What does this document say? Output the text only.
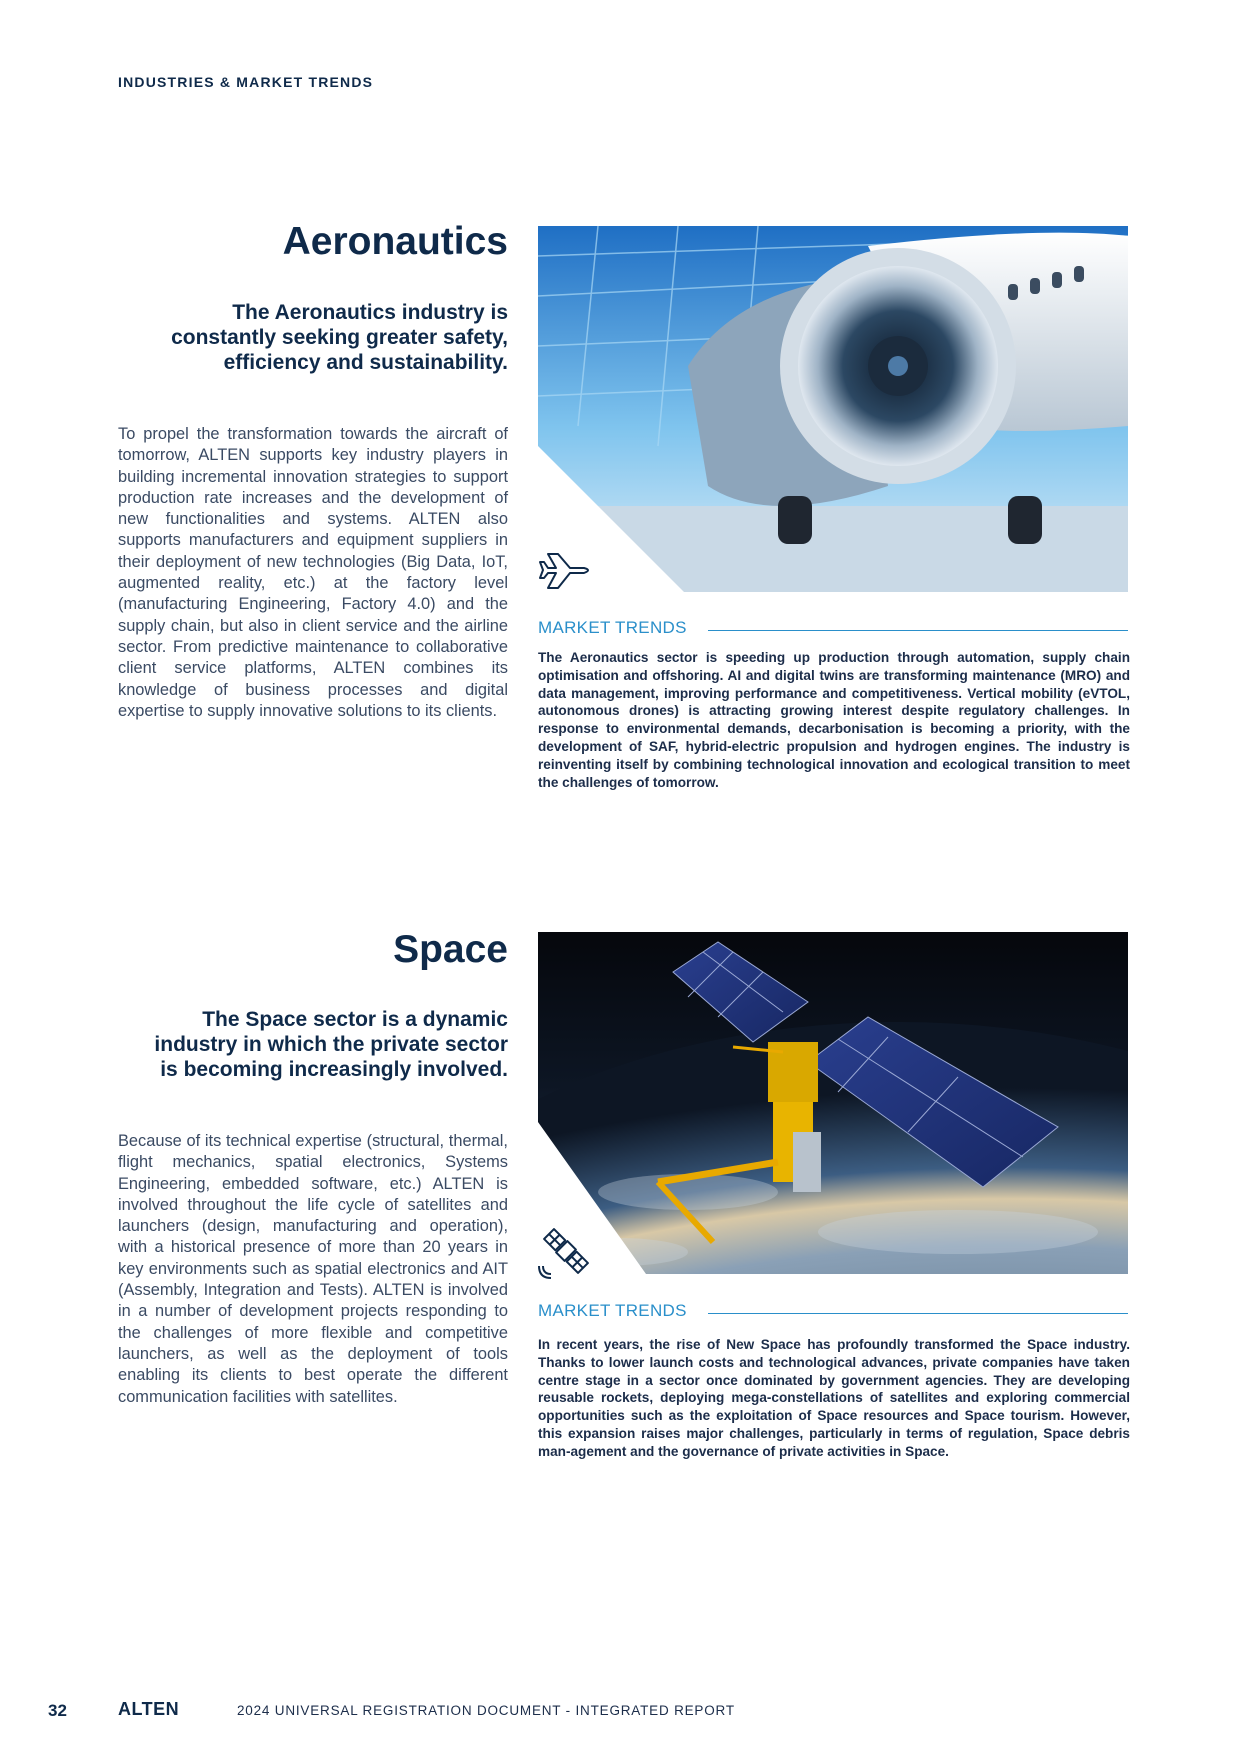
INDUSTRIES & MARKET TRENDS
Aeronautics
The Aeronautics industry is constantly seeking greater safety, efficiency and sustainability.
To propel the transformation towards the aircraft of tomorrow, ALTEN supports key industry players in building incremental innovation strategies to support production rate increases and the development of new functionalities and systems. ALTEN also supports manufacturers and equipment suppliers in their deployment of new technologies (Big Data, IoT, augmented reality, etc.) at the factory level (manufacturing Engineering, Factory 4.0) and the supply chain, but also in client service and the airline sector. From predictive maintenance to collaborative client service platforms, ALTEN combines its knowledge of business processes and digital expertise to supply innovative solutions to its clients.
MARKET TRENDS
The Aeronautics sector is speeding up production through automation, supply chain optimisation and offshoring. AI and digital twins are transforming maintenance (MRO) and data management, improving performance and competitiveness. Vertical mobility (eVTOL, autonomous drones) is attracting growing interest despite regulatory challenges. In response to environmental demands, decarbonisation is becoming a priority, with the development of SAF, hybrid-electric propulsion and hydrogen engines. The industry is reinventing itself by combining technological innovation and ecological transition to meet the challenges of tomorrow.
Space
The Space sector is a dynamic industry in which the private sector is becoming increasingly involved.
Because of its technical expertise (structural, thermal, flight mechanics, spatial electronics, Systems Engineering, embedded software, etc.) ALTEN is involved throughout the life cycle of satellites and launchers (design, manufacturing and operation), with a historical presence of more than 20 years in key environments such as spatial electronics and AIT (Assembly, Integration and Tests). ALTEN is involved in a number of development projects responding to the challenges of more flexible and competitive launchers, as well as the deployment of tools enabling its clients to best operate the different communication facilities with satellites.
MARKET TRENDS
In recent years, the rise of New Space has profoundly transformed the Space industry. Thanks to lower launch costs and technological advances, private companies have taken centre stage in a sector once dominated by government agencies. They are developing reusable rockets, deploying mega-constellations of satellites and exploring commercial opportunities such as the exploitation of Space resources and Space tourism. However, this expansion raises major challenges, particularly in terms of regulation, Space debris man-agement and the governance of private activities in Space.
32	ALTEN	2024 UNIVERSAL REGISTRATION DOCUMENT - INTEGRATED REPORT
